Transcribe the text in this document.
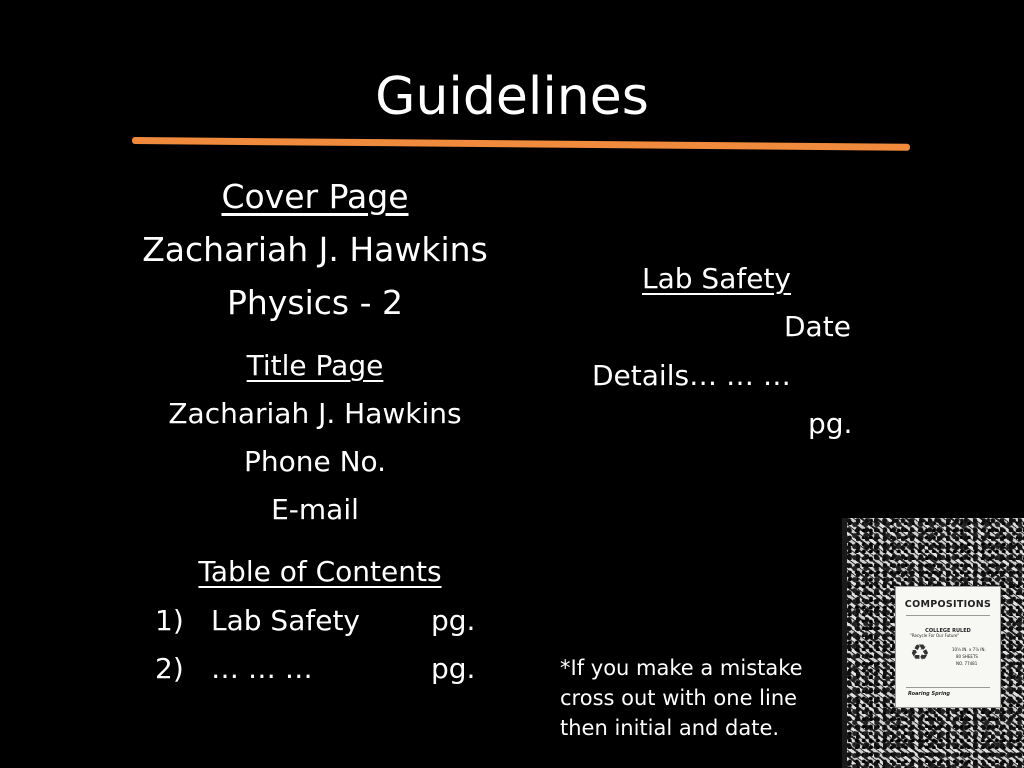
Guidelines
Cover Page
Zachariah J. Hawkins
Physics - 2
Title Page
Zachariah J. Hawkins
Phone No.
E-mail
Table of Contents
1) Lab Safety	pg.
2) … … …	pg.
Lab Safety
Date
Details… … …
pg.
*If you make a mistake cross out with one line then initial and date.
COMPOSITIONS
COLLEGE RULED
"Recycle For Our Future"
♻	10½ IN. x 7⅞ IN.
80 SHEETS
NO. 77481
Roaring Spring
